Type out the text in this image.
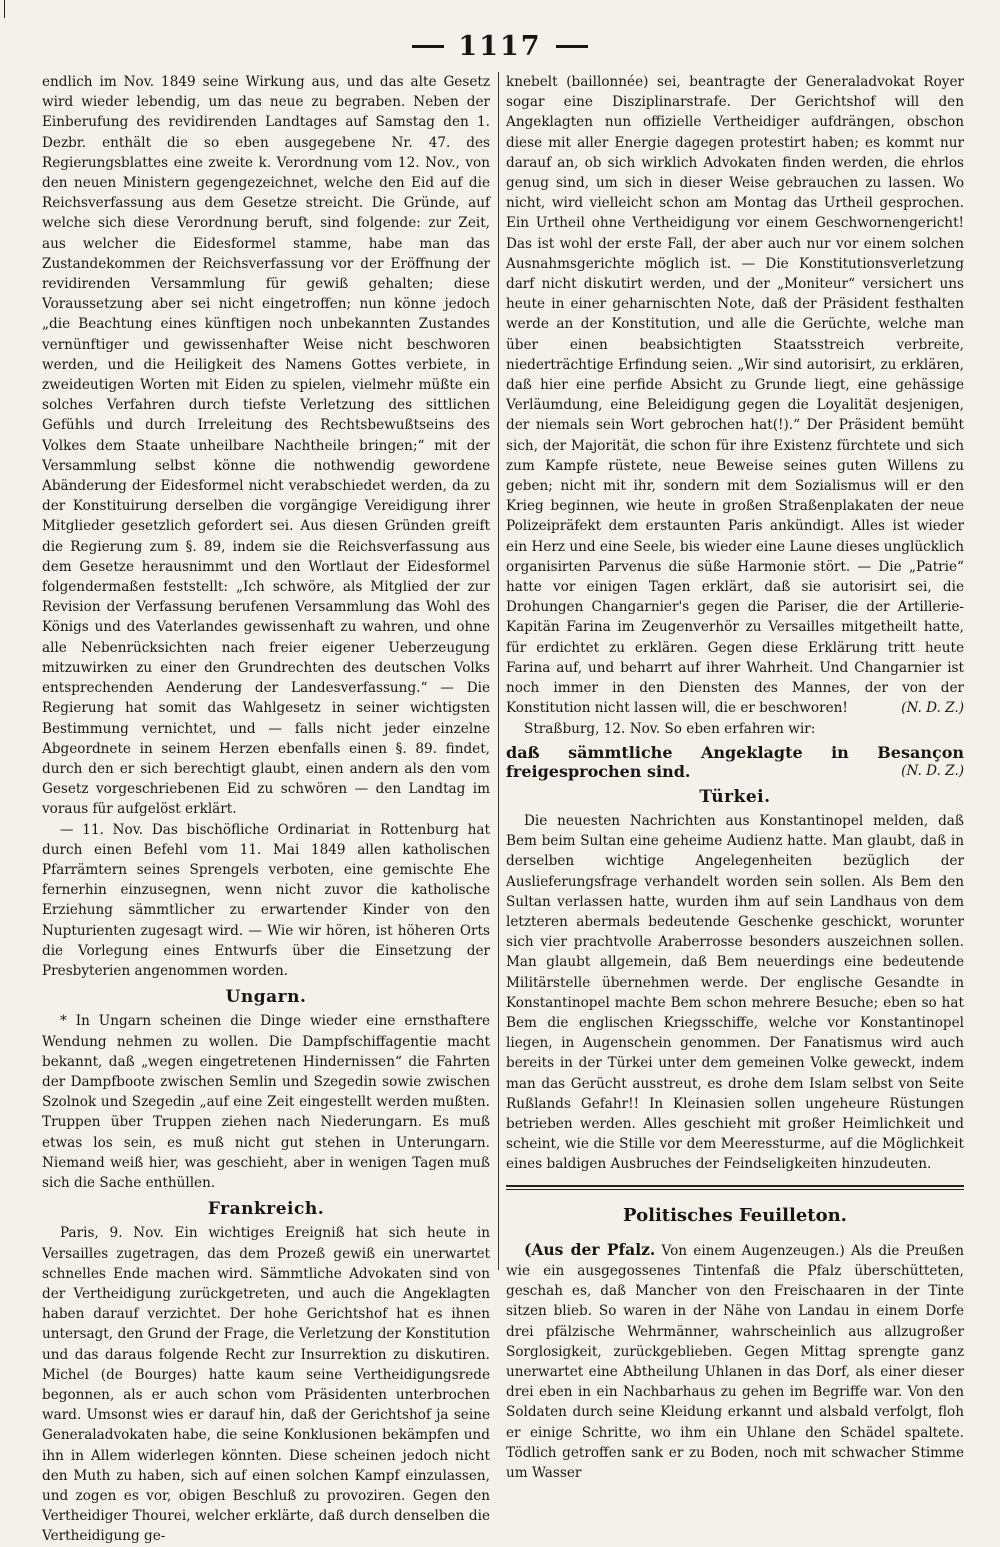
1117

endlich im Nov. 1849 seine Wirkung aus, und das alte Gesetz wird wieder lebendig, um das neue zu begraben. Neben der Einberufung des revidirenden Landtages auf Samstag den 1. Dezbr. enthält die so eben ausgegebene Nr. 47. des Regierungsblattes eine zweite k. Verordnung vom 12. Nov., von den neuen Ministern gegengezeichnet, welche den Eid auf die Reichsverfassung aus dem Gesetze streicht. Die Gründe, auf welche sich diese Verordnung beruft, sind folgende: zur Zeit, aus welcher die Eidesformel stamme, habe man das Zustandekommen der Reichsverfassung vor der Eröffnung der revidirenden Versammlung für gewiß gehalten; diese Voraussetzung aber sei nicht eingetroffen; nun könne jedoch „die Beachtung eines künftigen noch unbekannten Zustandes vernünftiger und gewissenhafter Weise nicht beschworen werden, und die Heiligkeit des Namens Gottes verbiete, in zweideutigen Worten mit Eiden zu spielen, vielmehr müßte ein solches Verfahren durch tiefste Verletzung des sittlichen Gefühls und durch Irreleitung des Rechtsbewußtseins des Volkes dem Staate unheilbare Nachtheile bringen;“ mit der Versammlung selbst könne die nothwendig gewordene Abänderung der Eidesformel nicht verabschiedet werden, da zu der Konstituirung derselben die vorgängige Vereidigung ihrer Mitglieder gesetzlich gefordert sei. Aus diesen Gründen greift die Regierung zum §. 89, indem sie die Reichsverfassung aus dem Gesetze herausnimmt und den Wortlaut der Eidesformel folgendermaßen feststellt: „Ich schwöre, als Mitglied der zur Revision der Verfassung berufenen Versammlung das Wohl des Königs und des Vaterlandes gewissenhaft zu wahren, und ohne alle Nebenrücksichten nach freier eigener Ueberzeugung mitzuwirken zu einer den Grundrechten des deutschen Volks entsprechenden Aenderung der Landesverfassung.“ — Die Regierung hat somit das Wahlgesetz in seiner wichtigsten Bestimmung vernichtet, und — falls nicht jeder einzelne Abgeordnete in seinem Herzen ebenfalls einen §. 89. findet, durch den er sich berechtigt glaubt, einen andern als den vom Gesetz vorgeschriebenen Eid zu schwören — den Landtag im voraus für aufgelöst erklärt.

— 11. Nov. Das bischöfliche Ordinariat in Rottenburg hat durch einen Befehl vom 11. Mai 1849 allen katholischen Pfarrämtern seines Sprengels verboten, eine gemischte Ehe fernerhin einzusegnen, wenn nicht zuvor die katholische Erziehung sämmtlicher zu erwartender Kinder von den Nupturienten zugesagt wird. — Wie wir hören, ist höheren Orts die Vorlegung eines Entwurfs über die Einsetzung der Presbyterien angenommen worden.

Ungarn.

* In Ungarn scheinen die Dinge wieder eine ernsthaftere Wendung nehmen zu wollen. Die Dampfschiffagentie macht bekannt, daß „wegen eingetretenen Hindernissen“ die Fahrten der Dampfboote zwischen Semlin und Szegedin sowie zwischen Szolnok und Szegedin „auf eine Zeit eingestellt werden mußten. Truppen über Truppen ziehen nach Niederungarn. Es muß etwas los sein, es muß nicht gut stehen in Unterungarn. Niemand weiß hier, was geschieht, aber in wenigen Tagen muß sich die Sache enthüllen.

Frankreich.

Paris, 9. Nov. Ein wichtiges Ereigniß hat sich heute in Versailles zugetragen, das dem Prozeß gewiß ein unerwartet schnelles Ende machen wird. Sämmtliche Advokaten sind von der Vertheidigung zurückgetreten, und auch die Angeklagten haben darauf verzichtet. Der hohe Gerichtshof hat es ihnen untersagt, den Grund der Frage, die Verletzung der Konstitution und das daraus folgende Recht zur Insurrektion zu diskutiren. Michel (de Bourges) hatte kaum seine Vertheidigungsrede begonnen, als er auch schon vom Präsidenten unterbrochen ward. Umsonst wies er darauf hin, daß der Gerichtshof ja seine Generaladvokaten habe, die seine Konklusionen bekämpfen und ihn in Allem widerlegen könnten. Diese scheinen jedoch nicht den Muth zu haben, sich auf einen solchen Kampf einzulassen, und zogen es vor, obigen Beschluß zu provoziren. Gegen den Vertheidiger Thourei, welcher erklärte, daß durch denselben die Vertheidigung ge-

knebelt (baillonnée) sei, beantragte der Generaladvokat Royer sogar eine Disziplinarstrafe. Der Gerichtshof will den Angeklagten nun offizielle Vertheidiger aufdrängen, obschon diese mit aller Energie dagegen protestirt haben; es kommt nur darauf an, ob sich wirklich Advokaten finden werden, die ehrlos genug sind, um sich in dieser Weise gebrauchen zu lassen. Wo nicht, wird vielleicht schon am Montag das Urtheil gesprochen. Ein Urtheil ohne Vertheidigung vor einem Geschwornengericht! Das ist wohl der erste Fall, der aber auch nur vor einem solchen Ausnahmsgerichte möglich ist. — Die Konstitutionsverletzung darf nicht diskutirt werden, und der „Moniteur“ versichert uns heute in einer geharnischten Note, daß der Präsident festhalten werde an der Konstitution, und alle die Gerüchte, welche man über einen beabsichtigten Staatsstreich verbreite, niederträchtige Erfindung seien. „Wir sind autorisirt, zu erklären, daß hier eine perfide Absicht zu Grunde liegt, eine gehässige Verläumdung, eine Beleidigung gegen die Loyalität desjenigen, der niemals sein Wort gebrochen hat(!).“ Der Präsident bemüht sich, der Majorität, die schon für ihre Existenz fürchtete und sich zum Kampfe rüstete, neue Beweise seines guten Willens zu geben; nicht mit ihr, sondern mit dem Sozialismus will er den Krieg beginnen, wie heute in großen Straßenplakaten der neue Polizeipräfekt dem erstaunten Paris ankündigt. Alles ist wieder ein Herz und eine Seele, bis wieder eine Laune dieses unglücklich organisirten Parvenus die süße Harmonie stört. — Die „Patrie“ hatte vor einigen Tagen erklärt, daß sie autorisirt sei, die Drohungen Changarnier's gegen die Pariser, die der Artillerie-Kapitän Farina im Zeugenverhör zu Versailles mitgetheilt hatte, für erdichtet zu erklären. Gegen diese Erklärung tritt heute Farina auf, und beharrt auf ihrer Wahrheit. Und Changarnier ist noch immer in den Diensten des Mannes, der von der Konstitution nicht lassen will, die er beschworen!	(N. D. Z.)

Straßburg, 12. Nov. So eben erfahren wir:

daß sämmtliche Angeklagte in Besançon freigesprochen sind.	(N. D. Z.)

Türkei.

Die neuesten Nachrichten aus Konstantinopel melden, daß Bem beim Sultan eine geheime Audienz hatte. Man glaubt, daß in derselben wichtige Angelegenheiten bezüglich der Auslieferungsfrage verhandelt worden sein sollen. Als Bem den Sultan verlassen hatte, wurden ihm auf sein Landhaus von dem letzteren abermals bedeutende Geschenke geschickt, worunter sich vier prachtvolle Araberrosse besonders auszeichnen sollen. Man glaubt allgemein, daß Bem neuerdings eine bedeutende Militärstelle übernehmen werde. Der englische Gesandte in Konstantinopel machte Bem schon mehrere Besuche; eben so hat Bem die englischen Kriegsschiffe, welche vor Konstantinopel liegen, in Augenschein genommen. Der Fanatismus wird auch bereits in der Türkei unter dem gemeinen Volke geweckt, indem man das Gerücht ausstreut, es drohe dem Islam selbst von Seite Rußlands Gefahr!! In Kleinasien sollen ungeheure Rüstungen betrieben werden. Alles geschieht mit großer Heimlichkeit und scheint, wie die Stille vor dem Meeressturme, auf die Möglichkeit eines baldigen Ausbruches der Feindseligkeiten hinzudeuten.

Politisches Feuilleton.

(Aus der Pfalz. Von einem Augenzeugen.) Als die Preußen wie ein ausgegossenes Tintenfaß die Pfalz überschütteten, geschah es, daß Mancher von den Freischaaren in der Tinte sitzen blieb. So waren in der Nähe von Landau in einem Dorfe drei pfälzische Wehrmänner, wahrscheinlich aus allzugroßer Sorglosigkeit, zurückgeblieben. Gegen Mittag sprengte ganz unerwartet eine Abtheilung Uhlanen in das Dorf, als einer dieser drei eben in ein Nachbarhaus zu gehen im Begriffe war. Von den Soldaten durch seine Kleidung erkannt und alsbald verfolgt, floh er einige Schritte, wo ihm ein Uhlane den Schädel spaltete. Tödlich getroffen sank er zu Boden, noch mit schwacher Stimme um Wasser
